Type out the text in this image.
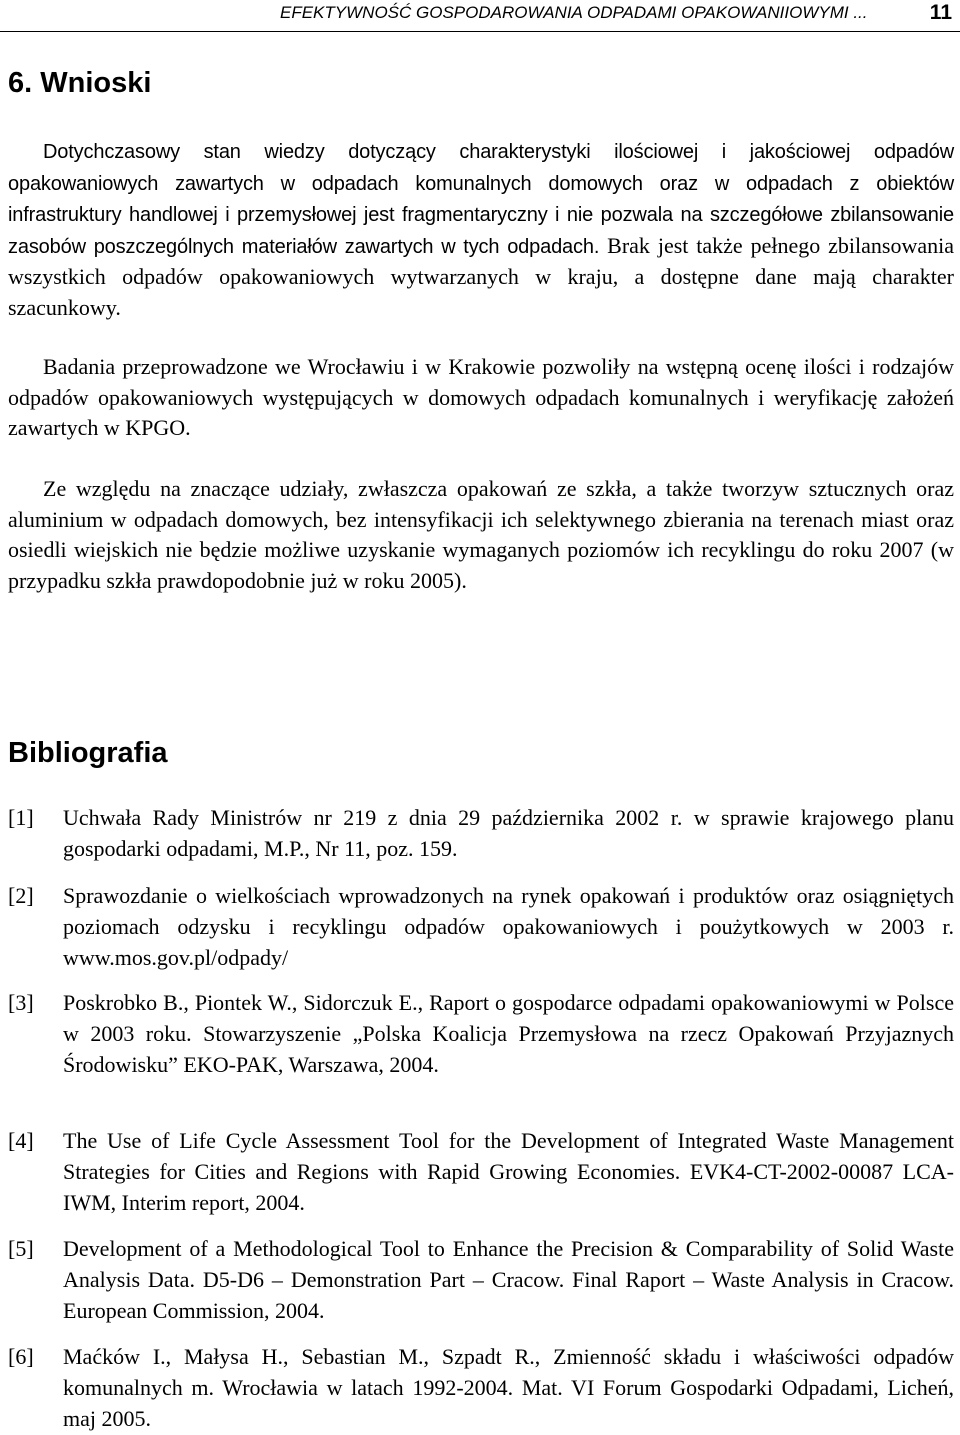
EFEKTYWNOŚĆ GOSPODAROWANIA ODPADAMI OPAKOWANIIOWYMI ...	11
6. Wnioski

Dotychczasowy stan wiedzy dotyczący charakterystyki ilościowej i jakościowej odpadów opakowaniowych zawartych w odpadach komunalnych domowych oraz w odpadach z obiektów infrastruktury handlowej i przemysłowej jest fragmentaryczny i nie pozwala na szczegółowe zbilansowanie zasobów poszczególnych materiałów zawartych w tych odpadach. Brak jest także pełnego zbilansowania wszystkich odpadów opakowaniowych wytwarzanych w kraju, a dostępne dane mają charakter szacunkowy.

Badania przeprowadzone we Wrocławiu i w Krakowie pozwoliły na wstępną ocenę ilości i rodzajów odpadów opakowaniowych występujących w domowych odpadach komunalnych i weryfikację założeń zawartych w KPGO.

Ze względu na znaczące udziały, zwłaszcza opakowań ze szkła, a także tworzyw sztucznych oraz aluminium w odpadach domowych, bez intensyfikacji ich selektywnego zbierania na terenach miast oraz osiedli wiejskich nie będzie możliwe uzyskanie wymaganych poziomów ich recyklingu do roku 2007 (w przypadku szkła prawdopodobnie już w roku 2005).

Bibliografia
[1] Uchwała Rady Ministrów nr 219 z dnia 29 października 2002 r. w sprawie krajowego planu gospodarki odpadami, M.P., Nr 11, poz. 159.
[2] Sprawozdanie o wielkościach wprowadzonych na rynek opakowań i produktów oraz osiągniętych poziomach odzysku i recyklingu odpadów opakowaniowych i poużytkowych w 2003 r. www.mos.gov.pl/odpady/
[3] Poskrobko B., Piontek W., Sidorczuk E., Raport o gospodarce odpadami opakowaniowymi w Polsce w 2003 roku. Stowarzyszenie „Polska Koalicja Przemysłowa na rzecz Opakowań Przyjaznych Środowisku” EKO-PAK, Warszawa, 2004.
[4] The Use of Life Cycle Assessment Tool for the Development of Integrated Waste Management Strategies for Cities and Regions with Rapid Growing Economies. EVK4-CT-2002-00087 LCA-IWM, Interim report, 2004.
[5] Development of a Methodological Tool to Enhance the Precision & Comparability of Solid Waste Analysis Data. D5-D6 – Demonstration Part – Cracow. Final Raport – Waste Analysis in Cracow. European Commission, 2004.
[6] Maćków I., Małysa H., Sebastian M., Szpadt R., Zmienność składu i właściwości odpadów komunalnych m. Wrocławia w latach 1992-2004. Mat. VI Forum Gospodarki Odpadami, Licheń, maj 2005.
